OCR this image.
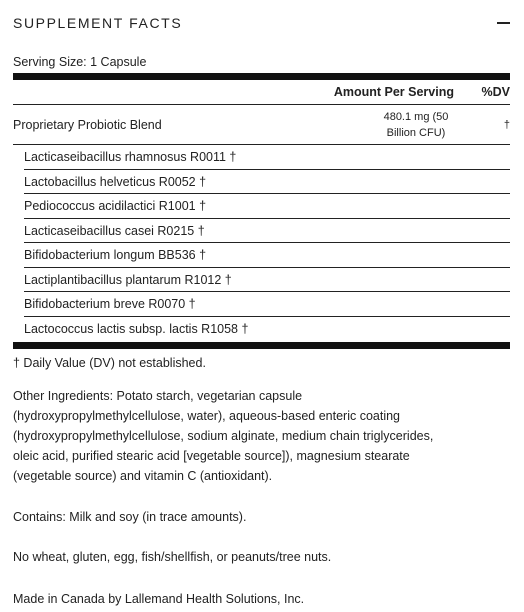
SUPPLEMENT FACTS
Serving Size: 1 Capsule
Amount Per Serving	%DV
Proprietary Probiotic Blend
480.1 mg (50
Billion CFU)
†
Lacticaseibacillus rhamnosus R0011 †
Lactobacillus helveticus R0052 †
Pediococcus acidilactici R1001 †
Lacticaseibacillus casei R0215 †
Bifidobacterium longum BB536 †
Lactiplantibacillus plantarum R1012 †
Bifidobacterium breve R0070 †
Lactococcus lactis subsp. lactis R1058 †
† Daily Value (DV) not established.
Other Ingredients: Potato starch, vegetarian capsule
(hydroxypropylmethylcellulose, water), aqueous-based enteric coating
(hydroxypropylmethylcellulose, sodium alginate, medium chain triglycerides,
oleic acid, purified stearic acid [vegetable source]), magnesium stearate
(vegetable source) and vitamin C (antioxidant).
Contains: Milk and soy (in trace amounts).
No wheat, gluten, egg, fish/shellfish, or peanuts/tree nuts.
Made in Canada by Lallemand Health Solutions, Inc.
